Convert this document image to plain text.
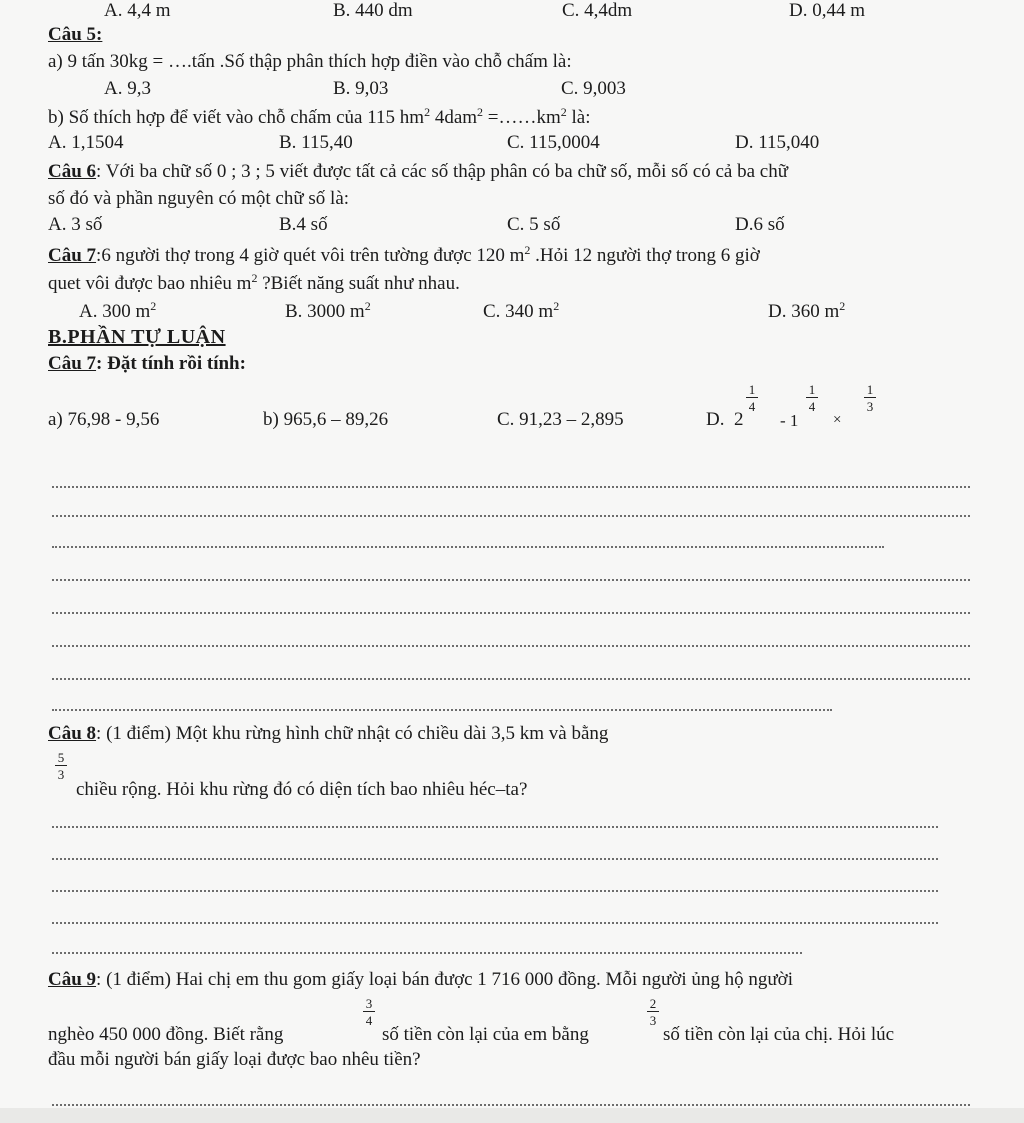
A. 4,4 m	B. 440 dm	C. 4,4dm	D. 0,44 m
Câu 5:
a) 9 tấn 30kg = ….tấn .Số thập phân thích hợp điền vào chỗ chấm là:
A. 9,3	B. 9,03	C. 9,003
b) Số thích hợp để viết vào chỗ chấm của 115 $hm^2$ $4dam^2 =\dots\dots km^2$ là:
A. 1,1504	B. 115,40	C. 115,0004	D. 115,040
Câu 6: Với ba chữ số 0 ; 3 ; 5 viết được tất cả các số thập phân có ba chữ số, mỗi số có cả ba chữ
số đó và phần nguyên có một chữ số là:
A. 3 số	B.4 số	C. 5 số	D.6 số
Câu 7:6 người thợ trong 4 giờ quét vôi trên tường được 120 $m^2$ .Hỏi 12 người thợ trong 6 giờ
quet vôi được bao nhiêu $m^2$ ?Biết năng suất như nhau.
A. 300 $m^2$	B. 3000 $m^2$	C. 340 $m^2$	D. 360 $m^2$
B.PHẦN TỰ LUẬN
Câu 7: Đặt tính rồi tính:
a) 76,98 - 9,56	b) 965,6 – 89,26	C. 91,23 – 2,895	D. 2
1
4
- 1
1
4
×
1
3
Câu 8: (1 điểm) Một khu rừng hình chữ nhật có chiều dài 3,5 km và bằng
5
3
chiều rộng. Hỏi khu rừng đó có diện tích bao nhiêu héc–ta?
Câu 9: (1 điểm) Hai chị em thu gom giấy loại bán được 1 716 000 đồng. Mỗi người ủng hộ người
nghèo 450 000 đồng. Biết rằng
3
4
số tiền còn lại của em bằng
2
3
số tiền còn lại của chị. Hỏi lúc
đầu mỗi người bán giấy loại được bao nhêu tiền?
